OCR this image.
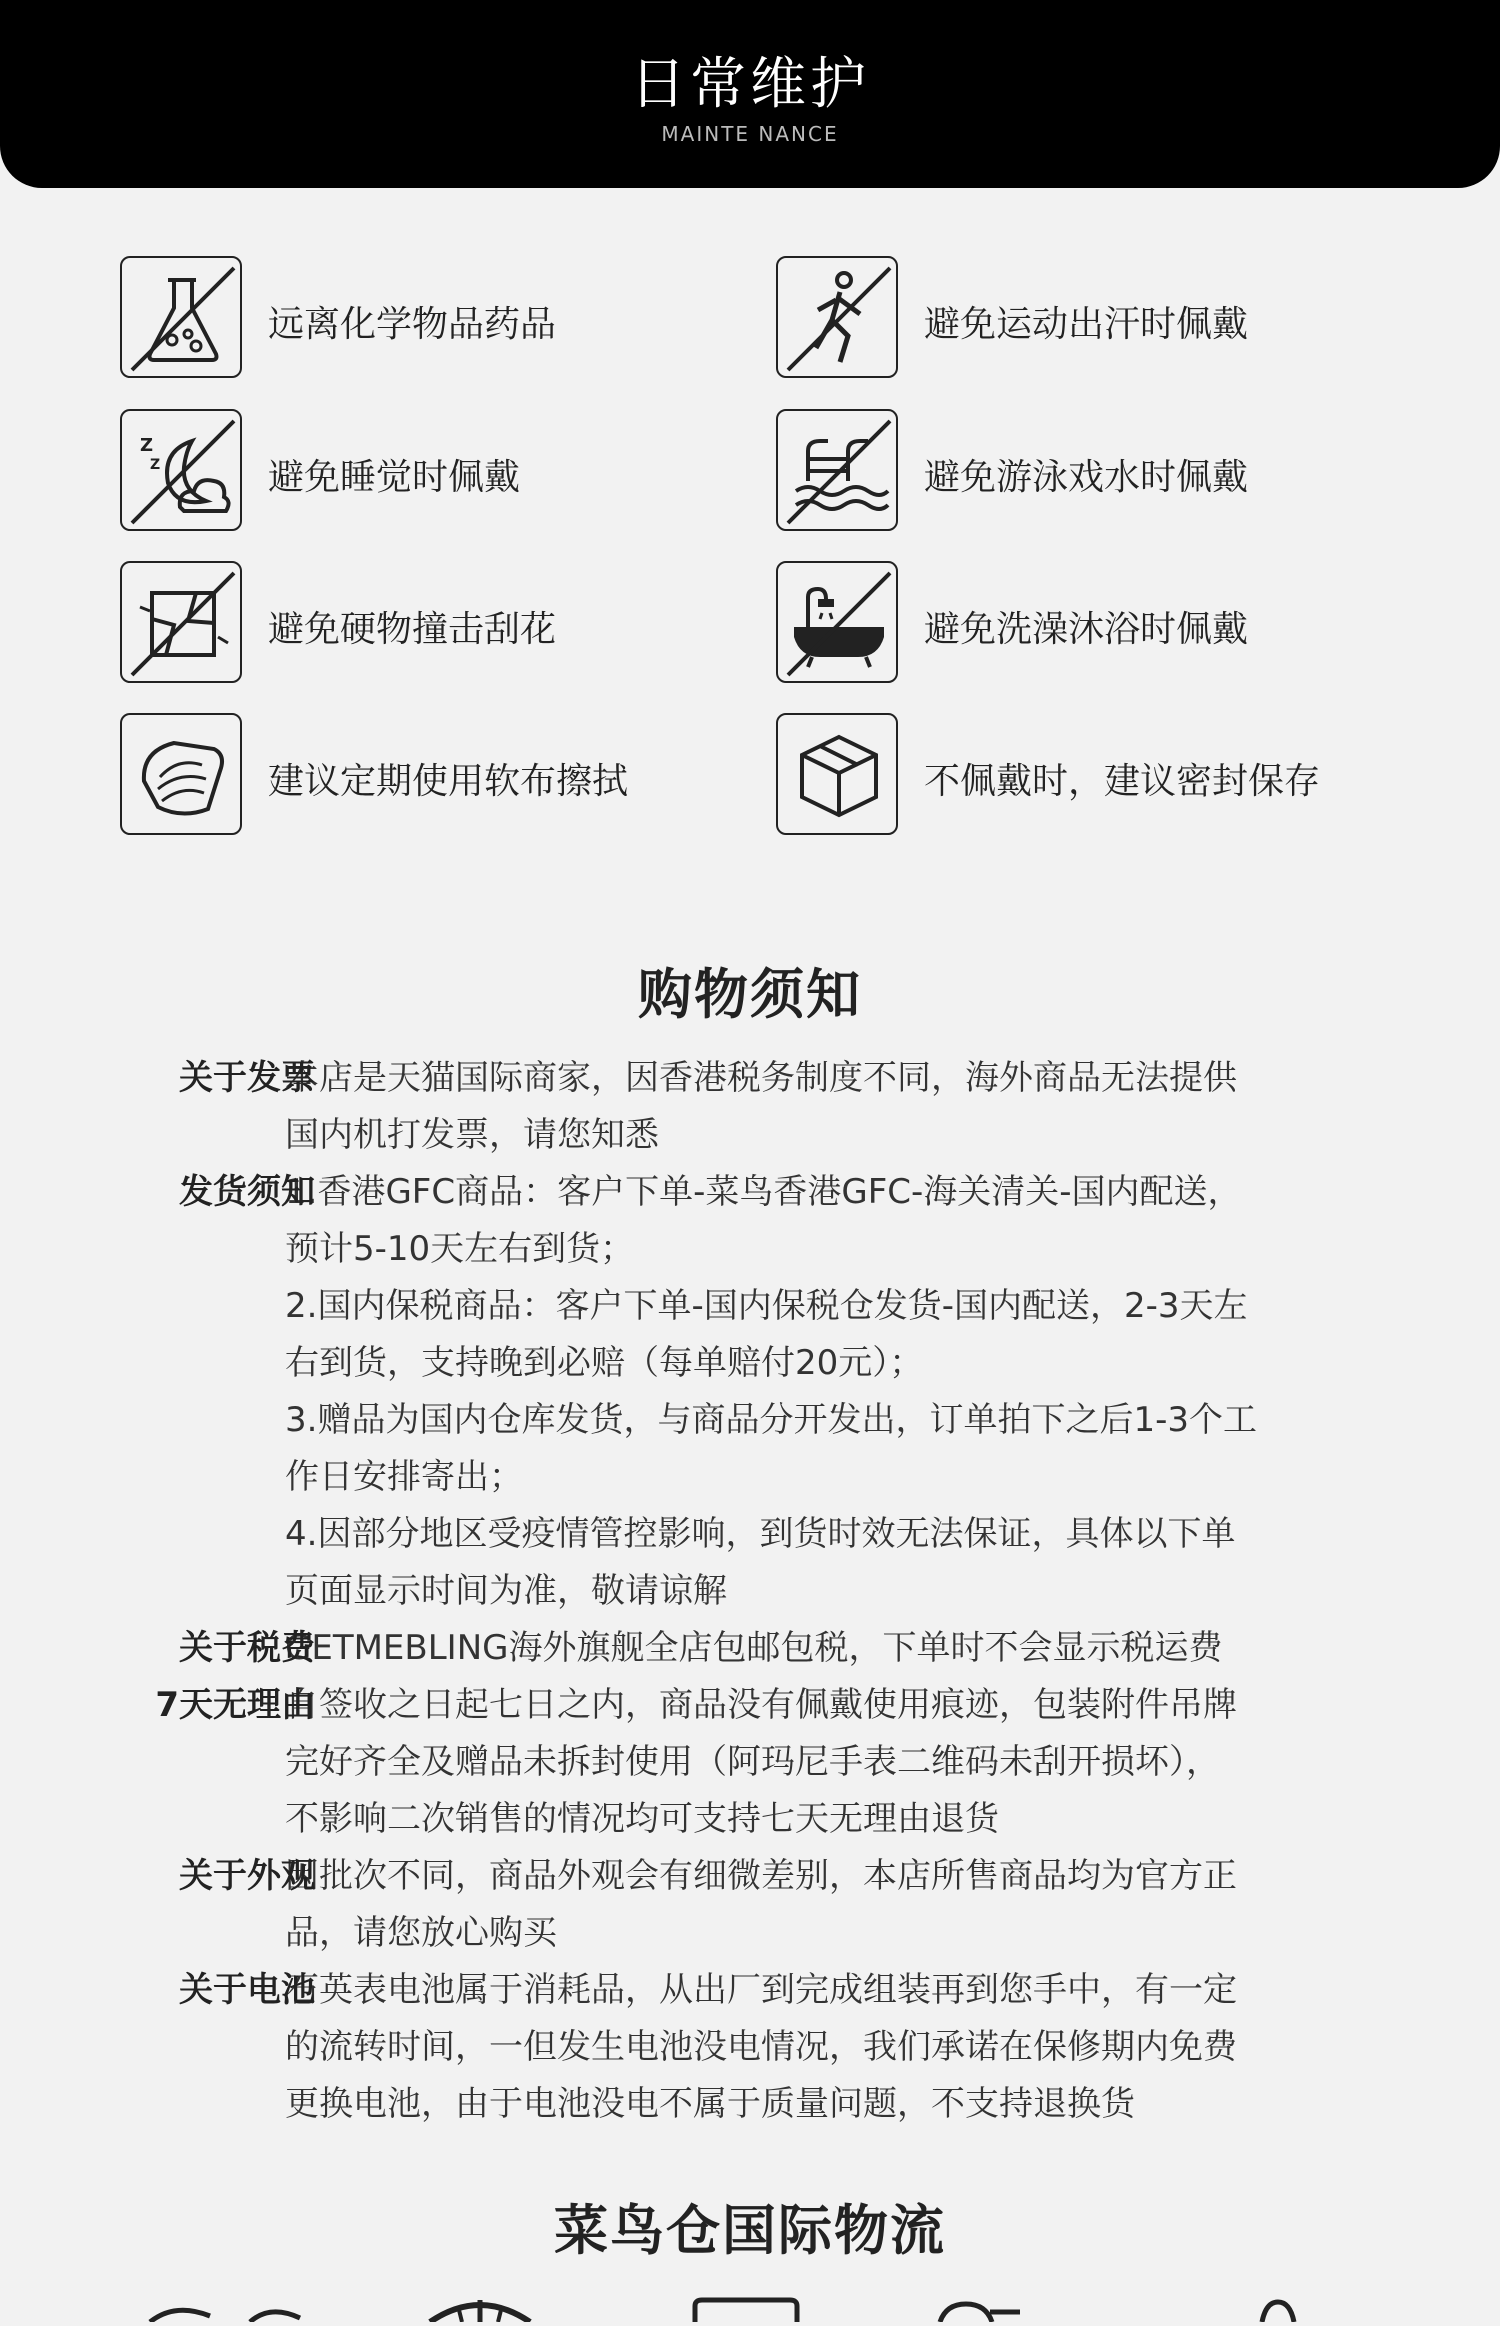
日常维护
MAINTE NANCE
远离化学物品药品
Z
Z	避免睡觉时佩戴
避免硬物撞击刮花
建议定期使用软布擦拭
避免运动出汗时佩戴
避免游泳戏水时佩戴
避免洗澡沐浴时佩戴
不佩戴时，建议密封保存
购物须知
关于发票
本店是天猫国际商家，因香港税务制度不同，海外商品无法提供
国内机打发票，请您知悉
发货须知
1.香港GFC商品：客户下单-菜鸟香港GFC-海关清关-国内配送，
预计5-10天左右到货；
2.国内保税商品：客户下单-国内保税仓发货-国内配送，2-3天左
右到货，支持晚到必赔（每单赔付20元）；
3.赠品为国内仓库发货，与商品分开发出，订单拍下之后1-3个工
作日安排寄出；
4.因部分地区受疫情管控影响，到货时效无法保证，具体以下单
页面显示时间为准，敬请谅解
关于税费
GETMEBLING海外旗舰全店包邮包税，下单时不会显示税运费
7天无理由
自签收之日起七日之内，商品没有佩戴使用痕迹，包装附件吊牌
完好齐全及赠品未拆封使用（阿玛尼手表二维码未刮开损坏），
不影响二次销售的情况均可支持七天无理由退货
关于外观
因批次不同，商品外观会有细微差别，本店所售商品均为官方正
品，请您放心购买
关于电池
石英表电池属于消耗品，从出厂到完成组装再到您手中，有一定
的流转时间，一但发生电池没电情况，我们承诺在保修期内免费
更换电池，由于电池没电不属于质量问题，不支持退换货
菜鸟仓国际物流
